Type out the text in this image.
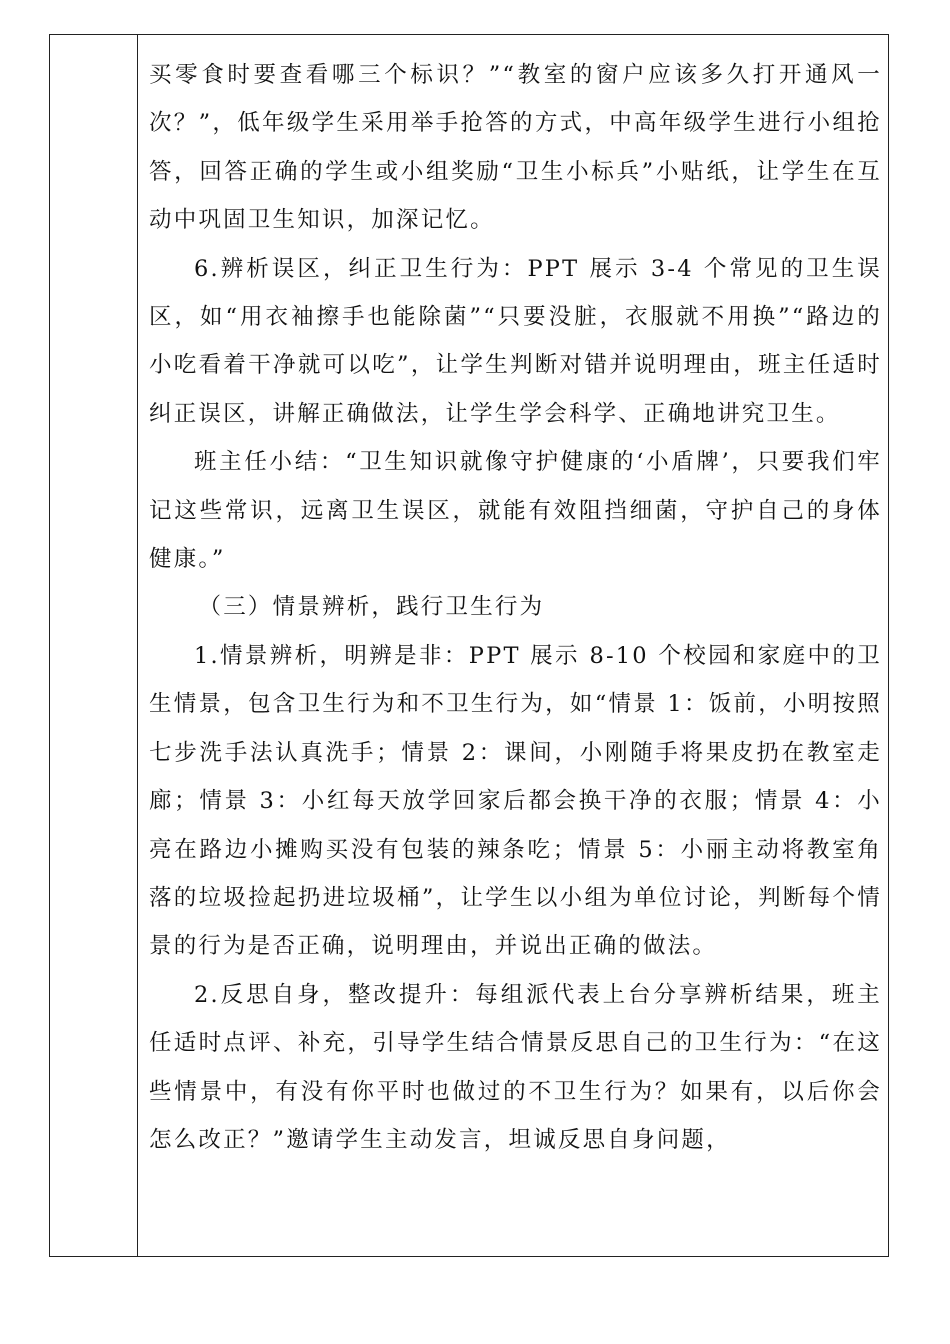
买零食时要查看哪三个标识？”“教室的窗户应该多久打开通风一次？”，低年级学生采用举手抢答的方式，中高年级学生进行小组抢答，回答正确的学生或小组奖励“卫生小标兵”小贴纸，让学生在互动中巩固卫生知识，加深记忆。

6.辨析误区，纠正卫生行为：PPT 展示 3-4 个常见的卫生误区，如“用衣袖擦手也能除菌”“只要没脏，衣服就不用换”“路边的小吃看着干净就可以吃”，让学生判断对错并说明理由，班主任适时纠正误区，讲解正确做法，让学生学会科学、正确地讲究卫生。

班主任小结：“卫生知识就像守护健康的‘小盾牌’，只要我们牢记这些常识，远离卫生误区，就能有效阻挡细菌，守护自己的身体健康。”

（三）情景辨析，践行卫生行为

1.情景辨析，明辨是非：PPT 展示 8-10 个校园和家庭中的卫生情景，包含卫生行为和不卫生行为，如“情景 1：饭前，小明按照七步洗手法认真洗手；情景 2：课间，小刚随手将果皮扔在教室走廊；情景 3：小红每天放学回家后都会换干净的衣服；情景 4：小亮在路边小摊购买没有包装的辣条吃；情景 5：小丽主动将教室角落的垃圾捡起扔进垃圾桶”，让学生以小组为单位讨论，判断每个情景的行为是否正确，说明理由，并说出正确的做法。

2.反思自身，整改提升：每组派代表上台分享辨析结果，班主任适时点评、补充，引导学生结合情景反思自己的卫生行为：“在这些情景中，有没有你平时也做过的不卫生行为？如果有，以后你会怎么改正？”邀请学生主动发言，坦诚反思自身问题，
